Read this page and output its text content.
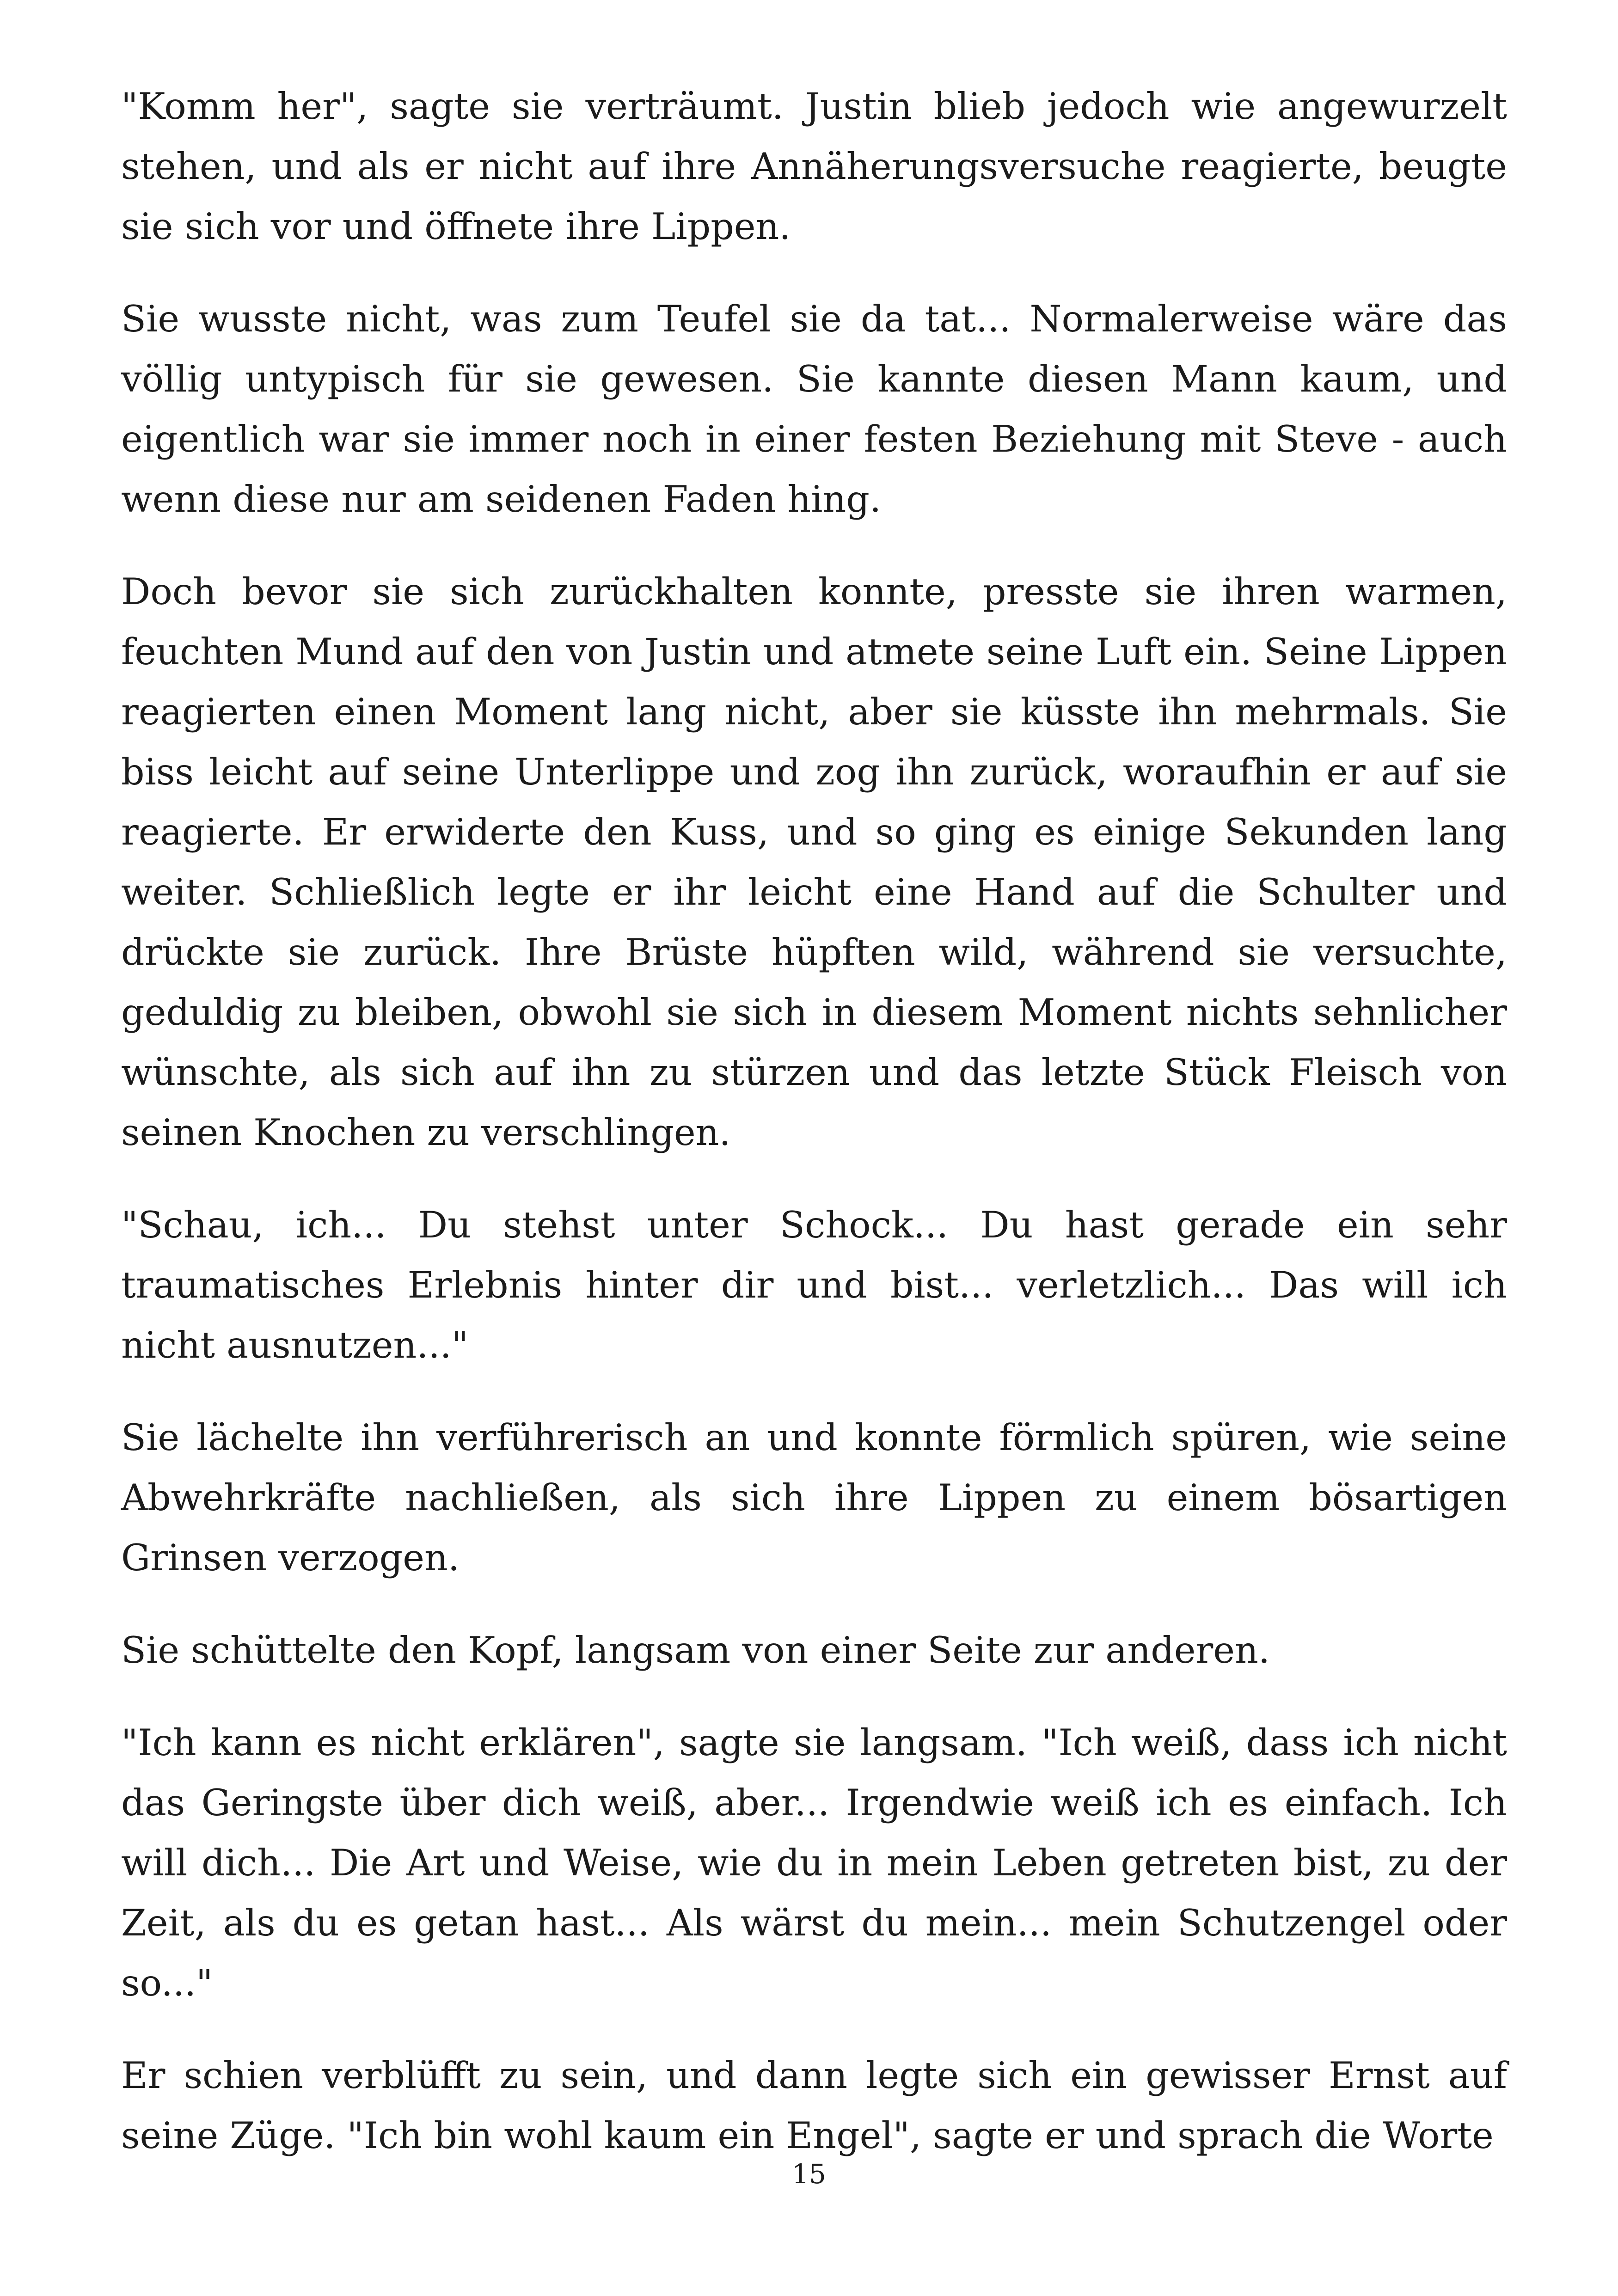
"Komm her", sagte sie verträumt. Justin blieb jedoch wie angewurzelt stehen, und als er nicht auf ihre Annäherungsversuche reagierte, beugte sie sich vor und öffnete ihre Lippen.

Sie wusste nicht, was zum Teufel sie da tat... Normalerweise wäre das völlig untypisch für sie gewesen. Sie kannte diesen Mann kaum, und eigentlich war sie immer noch in einer festen Beziehung mit Steve - auch wenn diese nur am seidenen Faden hing.

Doch bevor sie sich zurückhalten konnte, presste sie ihren warmen, feuchten Mund auf den von Justin und atmete seine Luft ein. Seine Lippen reagierten einen Moment lang nicht, aber sie küsste ihn mehrmals. Sie biss leicht auf seine Unterlippe und zog ihn zurück, woraufhin er auf sie reagierte. Er erwiderte den Kuss, und so ging es einige Sekunden lang weiter. Schließlich legte er ihr leicht eine Hand auf die Schulter und drückte sie zurück. Ihre Brüste hüpften wild, während sie versuchte, geduldig zu bleiben, obwohl sie sich in diesem Moment nichts sehnlicher wünschte, als sich auf ihn zu stürzen und das letzte Stück Fleisch von seinen Knochen zu verschlingen.

"Schau, ich... Du stehst unter Schock... Du hast gerade ein sehr traumatisches Erlebnis hinter dir und bist... verletzlich... Das will ich nicht ausnutzen..."

Sie lächelte ihn verführerisch an und konnte förmlich spüren, wie seine Abwehrkräfte nachließen, als sich ihre Lippen zu einem bösartigen Grinsen verzogen.

Sie schüttelte den Kopf, langsam von einer Seite zur anderen.

"Ich kann es nicht erklären", sagte sie langsam. "Ich weiß, dass ich nicht das Geringste über dich weiß, aber... Irgendwie weiß ich es einfach. Ich will dich... Die Art und Weise, wie du in mein Leben getreten bist, zu der Zeit, als du es getan hast... Als wärst du mein... mein Schutzengel oder so..."

Er schien verblüfft zu sein, und dann legte sich ein gewisser Ernst auf seine Züge. "Ich bin wohl kaum ein Engel", sagte er und sprach die Worte

15
